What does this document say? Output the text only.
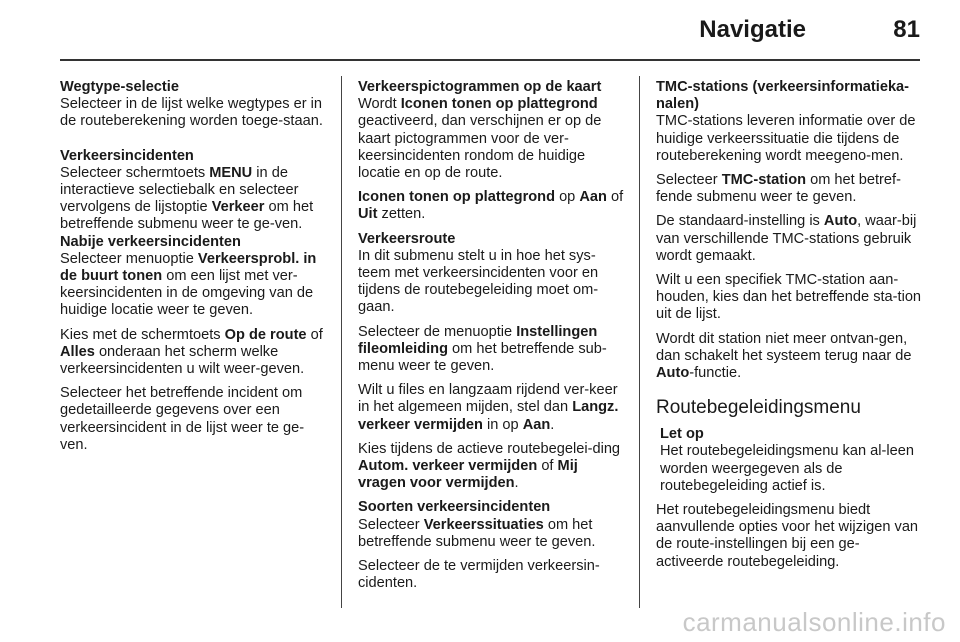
Navigatie	81

Wegtype-selectie
Selecteer in de lijst welke wegtypes er in de routeberekening worden toege-staan.

Verkeersincidenten
Selecteer schermtoets MENU in de interactieve selectiebalk en selecteer vervolgens de lijstoptie Verkeer om het betreffende submenu weer te ge-ven.

Nabije verkeersincidenten
Selecteer menuoptie Verkeersprobl. in de buurt tonen om een lijst met ver-keersincidenten in de omgeving van de huidige locatie weer te geven.

Kies met de schermtoets Op de route of Alles onderaan het scherm welke verkeersincidenten u wilt weer-geven.

Selecteer het betreffende incident om gedetailleerde gegevens over een verkeersincident in de lijst weer te ge-ven.

Verkeerspictogrammen op de kaart
Wordt Iconen tonen op plattegrond geactiveerd, dan verschijnen er op de kaart pictogrammen voor de ver-keersincidenten rondom de huidige locatie en op de route.

Iconen tonen op plattegrond op Aan of Uit zetten.

Verkeersroute
In dit submenu stelt u in hoe het sys-teem met verkeersincidenten voor en tijdens de routebegeleiding moet om-gaan.

Selecteer de menuoptie Instellingen fileomleiding om het betreffende sub-menu weer te geven.

Wilt u files en langzaam rijdend ver-keer in het algemeen mijden, stel dan Langz. verkeer vermijden in op Aan.

Kies tijdens de actieve routebegelei-ding Autom. verkeer vermijden of Mij vragen voor vermijden.

Soorten verkeersincidenten
Selecteer Verkeerssituaties om het betreffende submenu weer te geven.

Selecteer de te vermijden verkeersin-cidenten.

TMC-stations (verkeersinformatieka-nalen)
TMC-stations leveren informatie over de huidige verkeerssituatie die tijdens de routeberekening wordt meegeno-men.

Selecteer TMC-station om het betref-fende submenu weer te geven.

De standaard-instelling is Auto, waar-bij van verschillende TMC-stations gebruik wordt gemaakt.

Wilt u een specifiek TMC-station aan-houden, kies dan het betreffende sta-tion uit de lijst.

Wordt dit station niet meer ontvan-gen, dan schakelt het systeem terug naar de Auto-functie.

Routebegeleidingsmenu

Let op
Het routebegeleidingsmenu kan al-leen worden weergegeven als de routebegeleiding actief is.

Het routebegeleidingsmenu biedt aanvullende opties voor het wijzigen van de route-instellingen bij een ge-activeerde routebegeleiding.

carmanualsonline.info
